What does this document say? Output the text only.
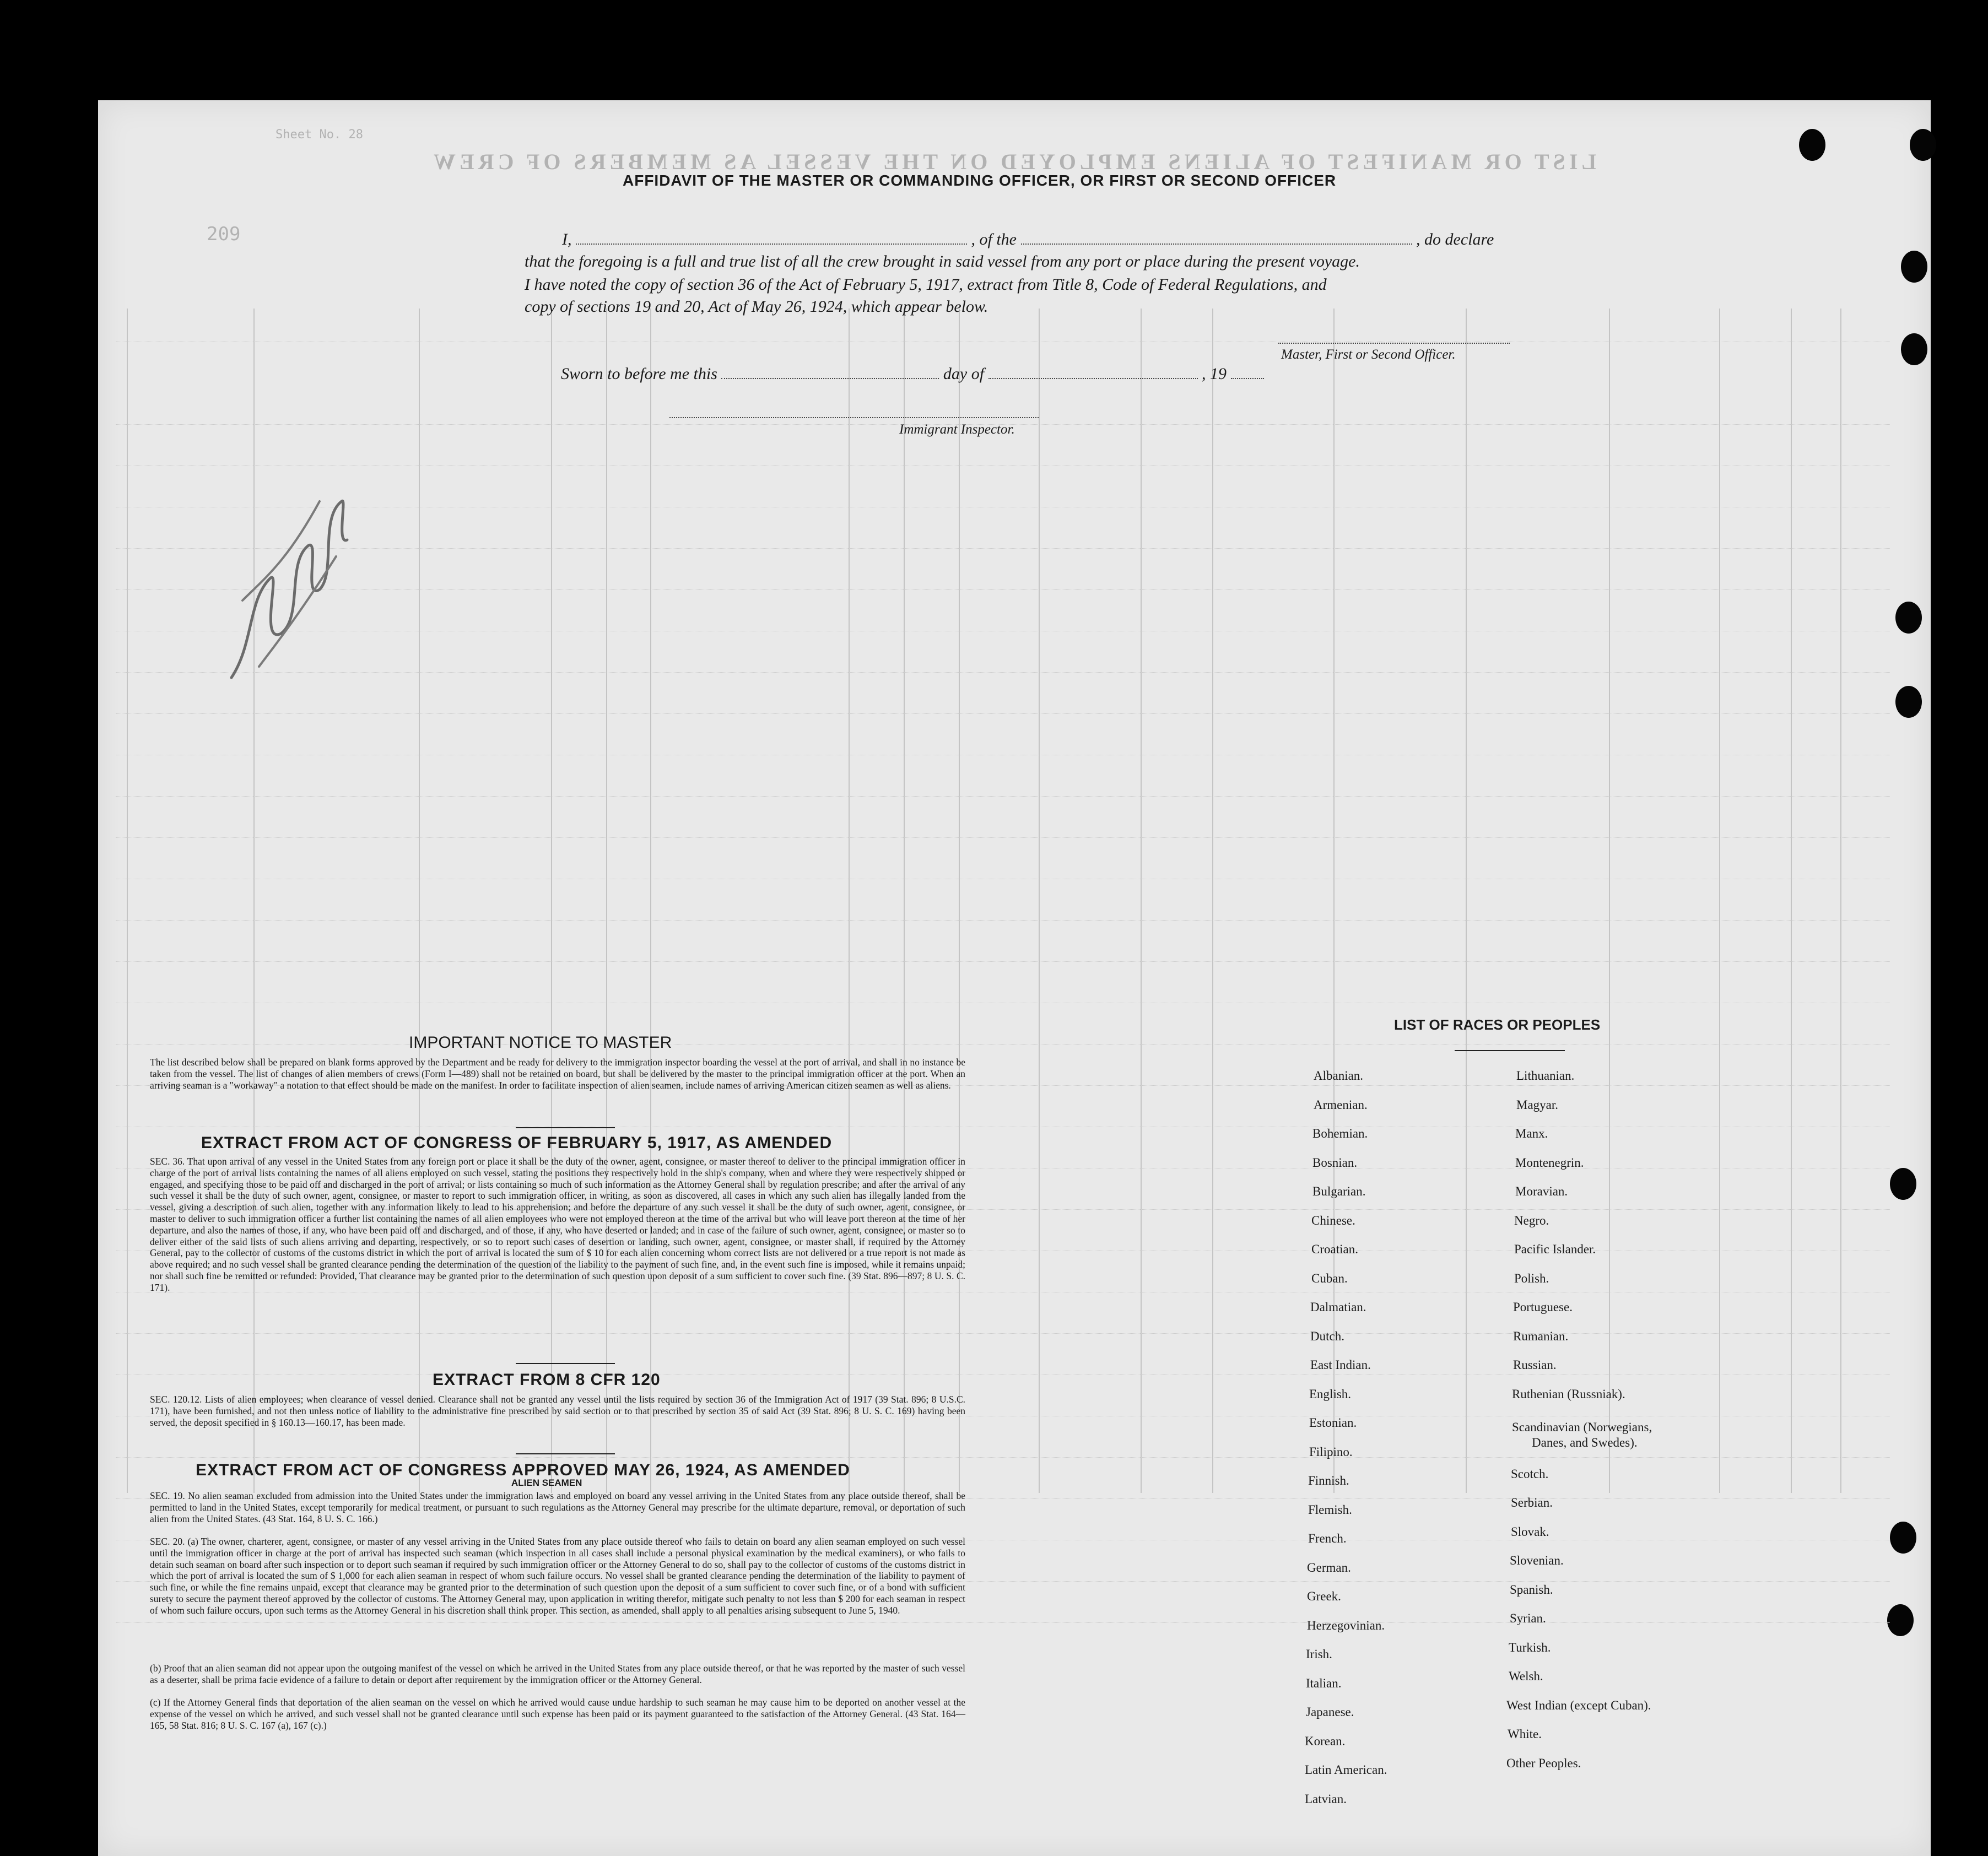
LIST OR MANIFEST OF ALIENS EMPLOYED ON THE VESSEL AS MEMBERS OF CREW
Sheet No. 28
209
AFFIDAVIT OF THE MASTER OR COMMANDING OFFICER, OR FIRST OR SECOND OFFICER
I,	, of the	, do declare
that the foregoing is a full and true list of all the crew brought in said vessel from any port or place during the present voyage.
I have noted the copy of section 36 of the Act of February 5, 1917, extract from Title 8, Code of Federal Regulations, and
copy of sections 19 and 20, Act of May 26, 1924, which appear below.
Master, First or Second Officer.
Sworn to before me this	day of	, 19
Immigrant Inspector.
IMPORTANT NOTICE TO MASTER
The list described below shall be prepared on blank forms approved by the Department and be ready for delivery to the immigration inspector boarding the vessel at the port of arrival, and shall in no instance be taken from the vessel. The list of changes of alien members of crews (Form I—489) shall not be retained on board, but shall be delivered by the master to the principal immigration officer at the port. When an arriving seaman is a "workaway" a notation to that effect should be made on the manifest. In order to facilitate inspection of alien seamen, include names of arriving American citizen seamen as well as aliens.
EXTRACT FROM ACT OF CONGRESS OF FEBRUARY 5, 1917, AS AMENDED
SEC. 36. That upon arrival of any vessel in the United States from any foreign port or place it shall be the duty of the owner, agent, consignee, or master thereof to deliver to the principal immigration officer in charge of the port of arrival lists containing the names of all aliens employed on such vessel, stating the positions they respectively hold in the ship's company, when and where they were respectively shipped or engaged, and specifying those to be paid off and discharged in the port of arrival; or lists containing so much of such information as the Attorney General shall by regulation prescribe; and after the arrival of any such vessel it shall be the duty of such owner, agent, consignee, or master to report to such immigration officer, in writing, as soon as discovered, all cases in which any such alien has illegally landed from the vessel, giving a description of such alien, together with any information likely to lead to his apprehension; and before the departure of any such vessel it shall be the duty of such owner, agent, consignee, or master to deliver to such immigration officer a further list containing the names of all alien employees who were not employed thereon at the time of the arrival but who will leave port thereon at the time of her departure, and also the names of those, if any, who have been paid off and discharged, and of those, if any, who have deserted or landed; and in case of the failure of such owner, agent, consignee, or master so to deliver either of the said lists of such aliens arriving and departing, respectively, or so to report such cases of desertion or landing, such owner, agent, consignee, or master shall, if required by the Attorney General, pay to the collector of customs of the customs district in which the port of arrival is located the sum of $ 10 for each alien concerning whom correct lists are not delivered or a true report is not made as above required; and no such vessel shall be granted clearance pending the determination of the question of the liability to the payment of such fine, and, in the event such fine is imposed, while it remains unpaid; nor shall such fine be remitted or refunded: Provided, That clearance may be granted prior to the determination of such question upon deposit of a sum sufficient to cover such fine. (39 Stat. 896—897; 8 U. S. C. 171).
EXTRACT FROM 8 CFR 120
SEC. 120.12. Lists of alien employees; when clearance of vessel denied. Clearance shall not be granted any vessel until the lists required by section 36 of the Immigration Act of 1917 (39 Stat. 896; 8 U.S.C. 171), have been furnished, and not then unless notice of liability to the administrative fine prescribed by said section or to that prescribed by section 35 of said Act (39 Stat. 896; 8 U. S. C. 169) having been served, the deposit specified in § 160.13—160.17, has been made.
EXTRACT FROM ACT OF CONGRESS APPROVED MAY 26, 1924, AS AMENDED
ALIEN SEAMEN
SEC. 19. No alien seaman excluded from admission into the United States under the immigration laws and employed on board any vessel arriving in the United States from any place outside thereof, shall be permitted to land in the United States, except temporarily for medical treatment, or pursuant to such regulations as the Attorney General may prescribe for the ultimate departure, removal, or deportation of such alien from the United States. (43 Stat. 164, 8 U. S. C. 166.)
SEC. 20. (a) The owner, charterer, agent, consignee, or master of any vessel arriving in the United States from any place outside thereof who fails to detain on board any alien seaman employed on such vessel until the immigration officer in charge at the port of arrival has inspected such seaman (which inspection in all cases shall include a personal physical examination by the medical examiners), or who fails to detain such seaman on board after such inspection or to deport such seaman if required by such immigration officer or the Attorney General to do so, shall pay to the collector of customs of the customs district in which the port of arrival is located the sum of $ 1,000 for each alien seaman in respect of whom such failure occurs. No vessel shall be granted clearance pending the determination of the liability to payment of such fine, or while the fine remains unpaid, except that clearance may be granted prior to the determination of such question upon the deposit of a sum sufficient to cover such fine, or of a bond with sufficient surety to secure the payment thereof approved by the collector of customs. The Attorney General may, upon application in writing therefor, mitigate such penalty to not less than $ 200 for each seaman in respect of whom such failure occurs, upon such terms as the Attorney General in his discretion shall think proper. This section, as amended, shall apply to all penalties arising subsequent to June 5, 1940.
(b) Proof that an alien seaman did not appear upon the outgoing manifest of the vessel on which he arrived in the United States from any place outside thereof, or that he was reported by the master of such vessel as a deserter, shall be prima facie evidence of a failure to detain or deport after requirement by the immigration officer or the Attorney General.
(c) If the Attorney General finds that deportation of the alien seaman on the vessel on which he arrived would cause undue hardship to such seaman he may cause him to be deported on another vessel at the expense of the vessel on which he arrived, and such vessel shall not be granted clearance until such expense has been paid or its payment guaranteed to the satisfaction of the Attorney General. (43 Stat. 164—165, 58 Stat. 816; 8 U. S. C. 167 (a), 167 (c).)
LIST OF RACES OR PEOPLES
Albanian.
Armenian.
Bohemian.
Bosnian.
Bulgarian.
Chinese.
Croatian.
Cuban.
Dalmatian.
Dutch.
East Indian.
English.
Estonian.
Filipino.
Finnish.
Flemish.
French.
German.
Greek.
Herzegovinian.
Irish.
Italian.
Japanese.
Korean.
Latin American.
Latvian.
Lithuanian.
Magyar.
Manx.
Montenegrin.
Moravian.
Negro.
Pacific Islander.
Polish.
Portuguese.
Rumanian.
Russian.
Ruthenian (Russniak).
Scandinavian (Norwegians,
Danes, and Swedes).
Scotch.
Serbian.
Slovak.
Slovenian.
Spanish.
Syrian.
Turkish.
Welsh.
West Indian (except Cuban).
White.
Other Peoples.
